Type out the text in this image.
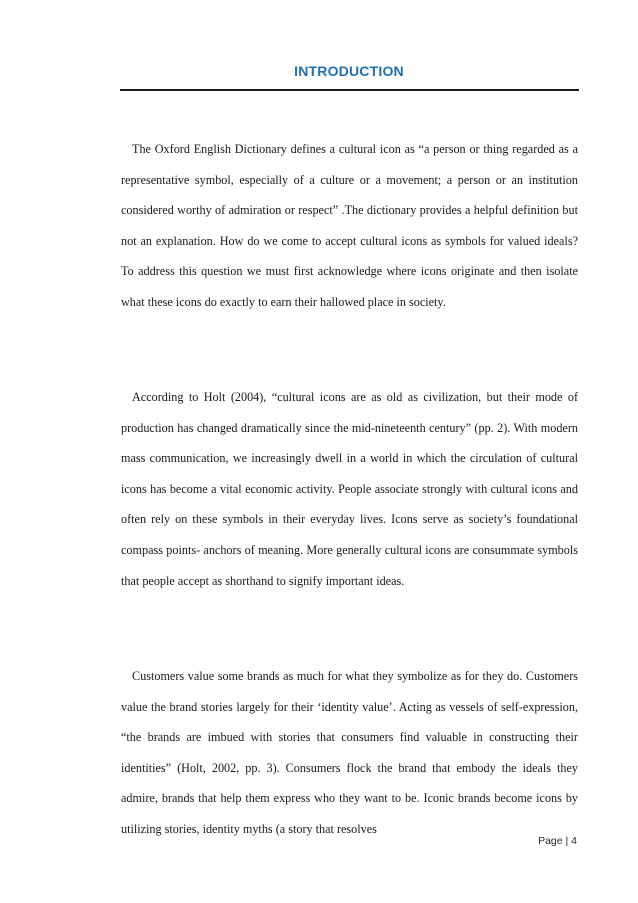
INTRODUCTION

The Oxford English Dictionary defines a cultural icon as “a person or thing regarded as a representative symbol, especially of a culture or a movement; a person or an institution considered worthy of admiration or respect” .The dictionary provides a helpful definition but not an explanation. How do we come to accept cultural icons as symbols for valued ideals? To address this question we must first acknowledge where icons originate and then isolate what these icons do exactly to earn their hallowed place in society.

According to Holt (2004), “cultural icons are as old as civilization, but their mode of production has changed dramatically since the mid-nineteenth century” (pp. 2). With modern mass communication, we increasingly dwell in a world in which the circulation of cultural icons has become a vital economic activity. People associate strongly with cultural icons and often rely on these symbols in their everyday lives. Icons serve as society’s foundational compass points- anchors of meaning. More generally cultural icons are consummate symbols that people accept as shorthand to signify important ideas.

Customers value some brands as much for what they symbolize as for they do. Customers value the brand stories largely for their ‘identity value’. Acting as vessels of self-expression, “the brands are imbued with stories that consumers find valuable in constructing their identities” (Holt, 2002, pp. 3). Consumers flock the brand that embody the ideals they admire, brands that help them express who they want to be. Iconic brands become icons by utilizing stories, identity myths (a story that resolves

Page | 4
